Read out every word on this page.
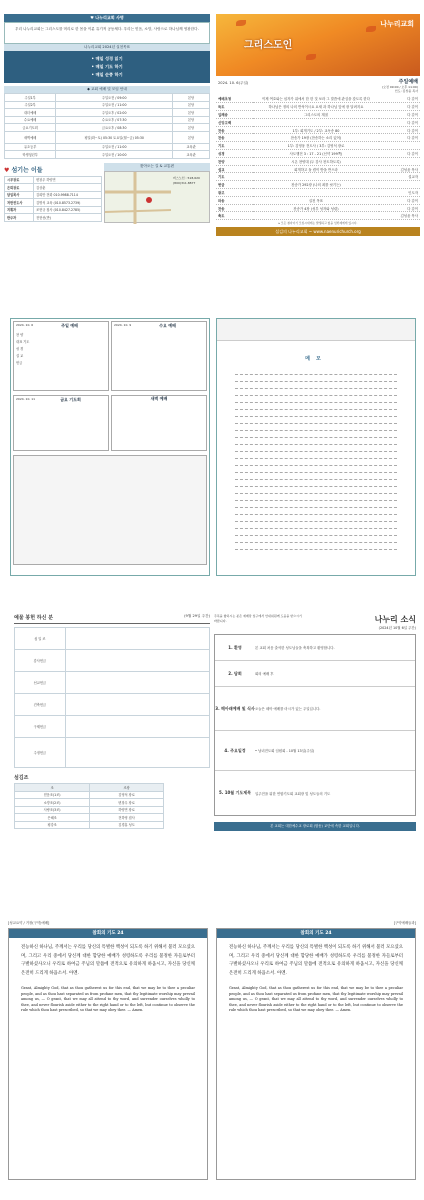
♥ 나누리교회 사명
우리 나누리교회는 그리스도를 머리로 한 몸을 이룬 유기적 공동체다. 우리는 믿음, 소망, 사랑으로 하나님께 영광한다.
나누리교회 2024년 실천목표
• 매일 성경 읽기
• 매일 기도 하기
• 매일 순종 하기
◆ 교회 예배 및 모임 안내
주일1부	주일오전 / 09:00	본당
주일2부	주일오전 / 11:00	본당
대더예배	주일오후 / 02:00	본당
수요예배	수요오후 / 07:30	본당
금요기도회	금요오후 / 08:30	본당
새벽예배	평일(화~토) 05:30 토요일(월~금) 05:30	본당
유초등부	주일오전 / 11:00	교육관
학생청년부	주일오전 / 10:00	교육관
♥ 섬기는 이들
시무장로	변창우 하양연
은퇴장로	김상춘
담임목사	김희만 전화 010.9988.7114
저반전도사	김명석 교육 (010.8573.2739)
지휘자	조현규 집사 (010.8427.2785)
반주자	전현선(반)
찾아오는 길 & 교통편
버스노선 : 518,620
(800)311.8877
나누리교회
그리스도인
2024. 10. 6(주일)	주일예배
(오전 09:00 / 오후 11:00)
인도: 김상윤 목사
예배초청	이제 여호와는 십자가 위에서 한 한 것 보라 그 말씀에 관심을 갖도록 한다	다 같이
독도	하나님은 정의 나의 반석이시요 요새 과 하나님 앞에 장 달려지요	다 같이
입례송	그리스도의 계절	다 같이
신앙고백		다 같이
찬송	1부: 회개기도 / 2부: 교독송 80	다 같이
찬송	찬송가 19장 (찬송하는 소리 있어)	다 같이
기도	1부: 김영웅 전도사 / 3부: 김영석 장로	
성경	사도행전 3 : 17 - 21 (신약 199쪽)	다 같이
찬양	시온 찬양대 (두 감사 찬트하도록)	
설교	회개하고 돌 켬이 받을 반으라	김성윤 목사
기도		설교자
헌금	찬송가 292장 (나의 죄를 씻기는)	
광고		인도자
파송	실천 목표	다 같이
찬송	찬송가 4장 (성부 성자와 성령)	다 같이
축도		김성윤 목사
▸ 모든 철자이기 모임시대에는 발생하고 없을 입학제에게 있시다.
섬김의 나누리교회 ~ www.naenurichurch.org
2024. 10. 6	주일 예배
찬 양
대표 기도
성 경
설 교
헌금
2024. 10. 9	수요 예배
2024. 10. 11	금요 기도회	새벽 예배
메모
예물 봉헌 하신 분	(9월 29일 주간)
십 일 조	
감사헌금	
선교헌금	
건축헌금	
구제헌금	
주정헌금	
섬김조
조	조장
믿음조(1조)	김영석 장로
소망조(2조)	변창우 장로
사랑조(3조)	하양연 장로
은혜조	전하영 집사
평강조	김경훈 성도
주목을 향하시는 분은 예배당 입구에서 안내위원께 도움을 받으시기 바랍니다.	나누리 소식
(2024년 10월 6일 주간)
1. 환영	본 교회 처음 출석한 성도님들을 축복하고 환영합니다.
2. 담회	회의 예배 후
3. 헤아래예배 및 식사 오늘은 헤아 예배를 마시가 있는 주일입니다.
4. 주요일정	• 남녀전도회 임원회 - 10월 13일(주일)
5. 10월 기도제목	일주전을 위한 연합기도회 교회장 및 성도들의 기도
본 교회는 대한예수교 장로회 (합동) 교단에 속한 교회입니다.
[성교요약 / 거장(구약)예배]	[구약예배들과]
참회의 기도 24
전능하신 하나님, 주께서는 우리를 당신의 특별한 백성이 되도록 하기 위해서 불러 모으셨으며, 그리고 우리 중에서 당신께 대한 합당한 예배가 성령하도록 우리를 불정한 자들로부터 구별하셨사오니 우리로 하여금 주님의 말씀에 전적으로 유의하게 하옵시고, 자신을 당신께 온전히 드리게 하옵소서. 아멘.
Grant, Almighty God, that as thou gatherest us for this end, that we may be to thee a peculiar people, and as thou hast separated us from profane men, that thy legitimate worship may prevail among us, — O grant, that we may all attend to thy word, and surrender ourselves wholly to thee, and never flourish aside either to the right hand or to the left, but continue to observe the rule which thou hast prescribed, so that we may obey thee. — Amen.
참회의 기도 24
전능하신 하나님, 주께서는 우리를 당신의 특별한 백성이 되도록 하기 위해서 불러 모으셨으며, 그리고 우리 중에서 당신께 대한 합당한 예배가 성령하도록 우리를 불정한 자들로부터 구별하셨사오니 우리로 하여금 주님의 말씀에 전적으로 유의하게 하옵시고, 자신을 당신께 온전히 드리게 하옵소서. 아멘.
Grant, Almighty God, that as thou gatherest us for this end, that we may be to thee a peculiar people, and as thou hast separated us from profane men, that thy legitimate worship may prevail among us, — O grant, that we may all attend to thy word, and surrender ourselves wholly to thee, and never flourish aside either to the right hand or to the left, but continue to observe the rule which thou hast prescribed, so that we may obey thee. — Amen.
